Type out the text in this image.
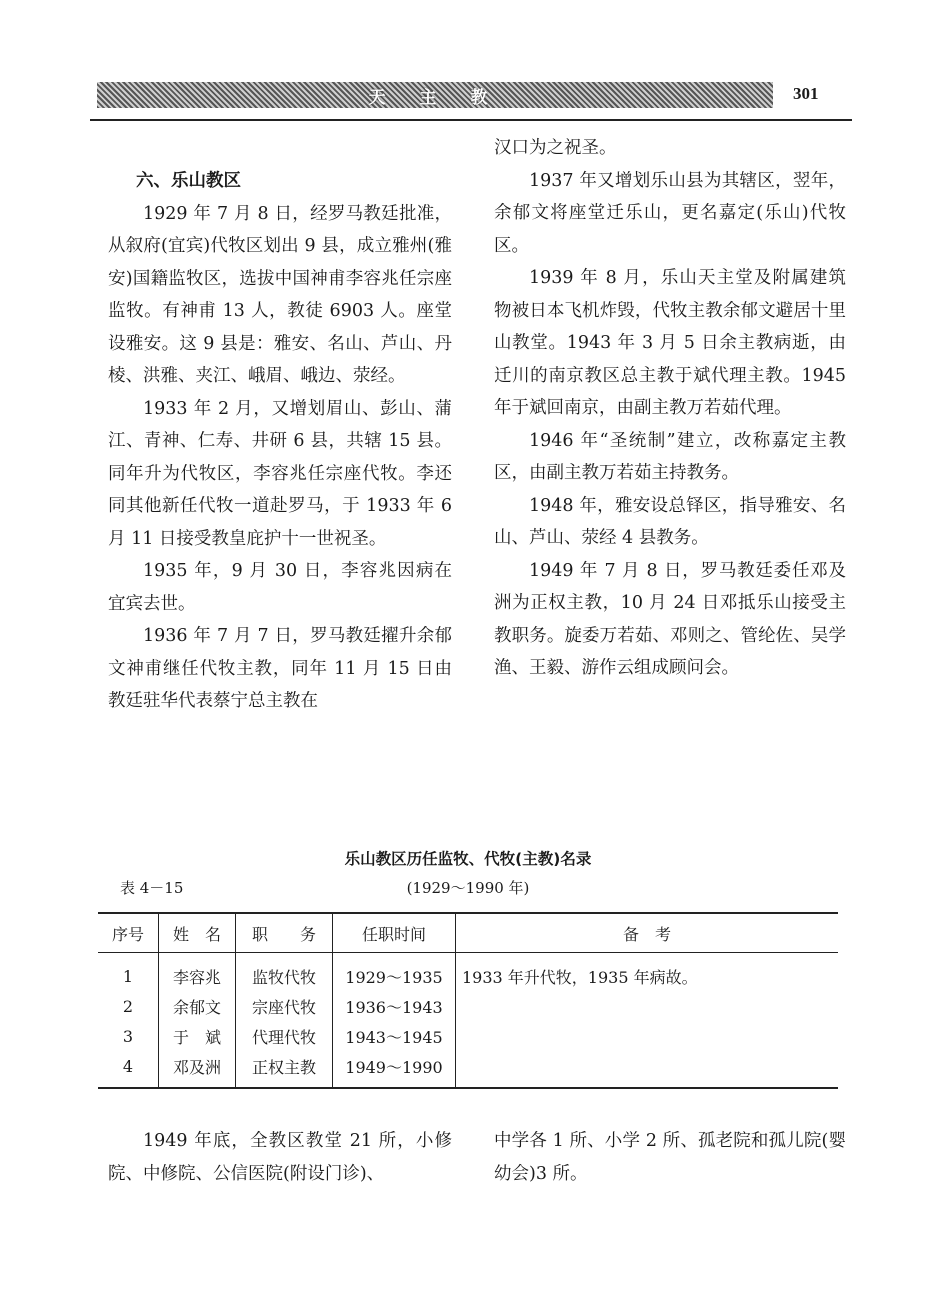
天 主 教	301
六、乐山教区

1929 年 7 月 8 日，经罗马教廷批准，从叙府(宜宾)代牧区划出 9 县，成立雅州(雅安)国籍监牧区，选拔中国神甫李容兆任宗座监牧。有神甫 13 人，教徒 6903 人。座堂设雅安。这 9 县是：雅安、名山、芦山、丹棱、洪雅、夹江、峨眉、峨边、荥经。

1933 年 2 月，又增划眉山、彭山、蒲江、青神、仁寿、井研 6 县，共辖 15 县。同年升为代牧区，李容兆任宗座代牧。李还同其他新任代牧一道赴罗马，于 1933 年 6 月 11 日接受教皇庇护十一世祝圣。

1935 年，9 月 30 日，李容兆因病在宜宾去世。

1936 年 7 月 7 日，罗马教廷擢升余郁文神甫继任代牧主教，同年 11 月 15 日由教廷驻华代表蔡宁总主教在

汉口为之祝圣。

1937 年又增划乐山县为其辖区，翌年，余郁文将座堂迁乐山，更名嘉定(乐山)代牧区。

1939 年 8 月，乐山天主堂及附属建筑物被日本飞机炸毁，代牧主教余郁文避居十里山教堂。1943 年 3 月 5 日余主教病逝，由迁川的南京教区总主教于斌代理主教。1945 年于斌回南京，由副主教万若茹代理。

1946 年“圣统制”建立，改称嘉定主教区，由副主教万若茹主持教务。

1948 年，雅安设总铎区，指导雅安、名山、芦山、荥经 4 县教务。

1949 年 7 月 8 日，罗马教廷委任邓及洲为正权主教，10 月 24 日邓抵乐山接受主教职务。旋委万若茹、邓则之、管纶佐、吴学渔、王毅、游作云组成顾问会。

乐山教区历任监牧、代牧(主教)名录
表 4－15	(1929～1990 年)
序号	姓　名	职　　务	任职时间	备　考
1	李容兆	监牧代牧	1929～1935	1933 年升代牧，1935 年病故。
2	余郁文	宗座代牧	1936～1943	
3	于　斌	代理代牧	1943～1945	
4	邓及洲	正权主教	1949～1990	

1949 年底，全教区教堂 21 所，小修院、中修院、公信医院(附设门诊)、

中学各 1 所、小学 2 所、孤老院和孤儿院(婴幼会)3 所。
